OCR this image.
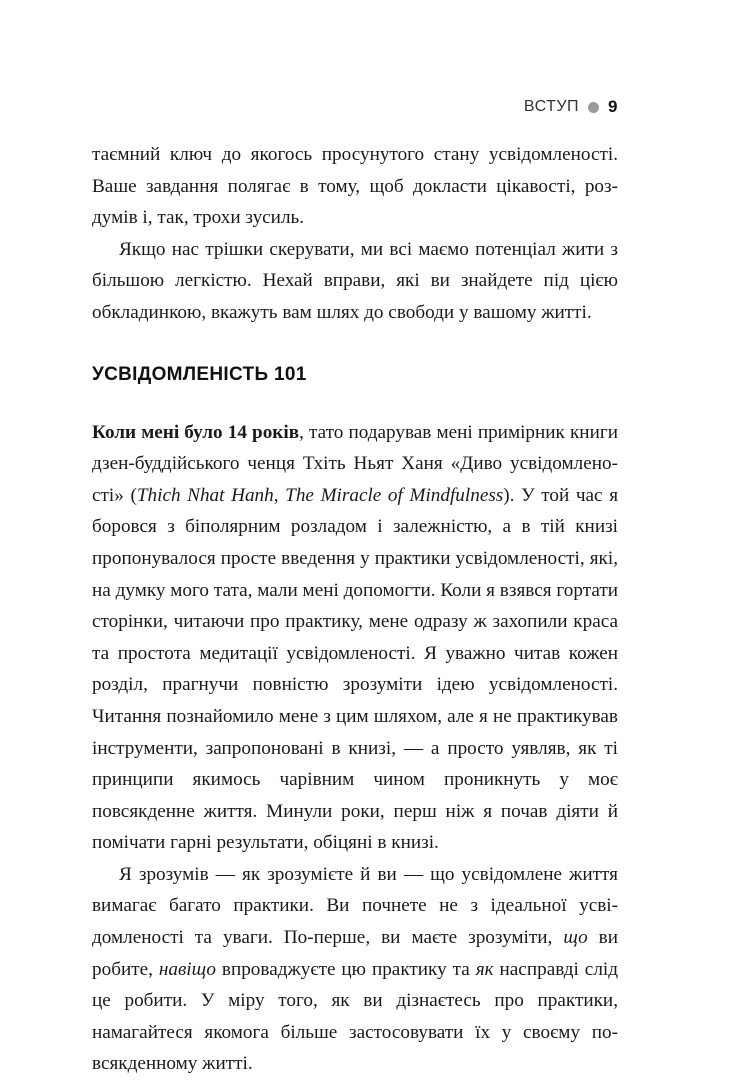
ВСТУП 9

таємний ключ до якогось просунутого стану усвідомленості. Ваше завдання полягає в тому, щоб докласти цікавості, роздумів і, так, трохи зусиль.

Якщо нас трішки скерувати, ми всі маємо потенціал жити з більшою легкістю. Нехай вправи, які ви знайдете під цією обкладинкою, вкажуть вам шлях до свободи у вашому житті.

УСВІДОМЛЕНІСТЬ 101

Коли мені було 14 років, тато подарував мені примірник книги дзен-буддійського ченця Тхіть Ньят Ханя «Диво усвідомленості» (Thich Nhat Hanh, The Miracle of Mindfulness). У той час я боровся з біполярним розладом і залежністю, а в тій книзі пропонувалося просте введення у практики усвідомленості, які, на думку мого тата, мали мені допомогти. Коли я взявся гортати сторінки, читаючи про практику, мене одразу ж захопили краса та простота медитації усвідомленості. Я уважно читав кожен розділ, прагнучи повністю зрозуміти ідею усвідомленості. Читання познайомило мене з цим шляхом, але я не практикував інструменти, запропоновані в книзі, — а просто уявляв, як ті принципи якимось чарівним чином проникнуть у моє повсякденне життя. Минули роки, перш ніж я почав діяти й помічати гарні результати, обіцяні в книзі.

Я зрозумів — як зрозумієте й ви — що усвідомлене життя вимагає багато практики. Ви почнете не з ідеальної усвідомленості та уваги. По-перше, ви маєте зрозуміти, що ви робите, навіщо впроваджуєте цю практику та як насправді слід це робити. У міру того, як ви дізнаєтесь про практики, намагайтеся якомога більше застосовувати їх у своєму повсякденному житті.
